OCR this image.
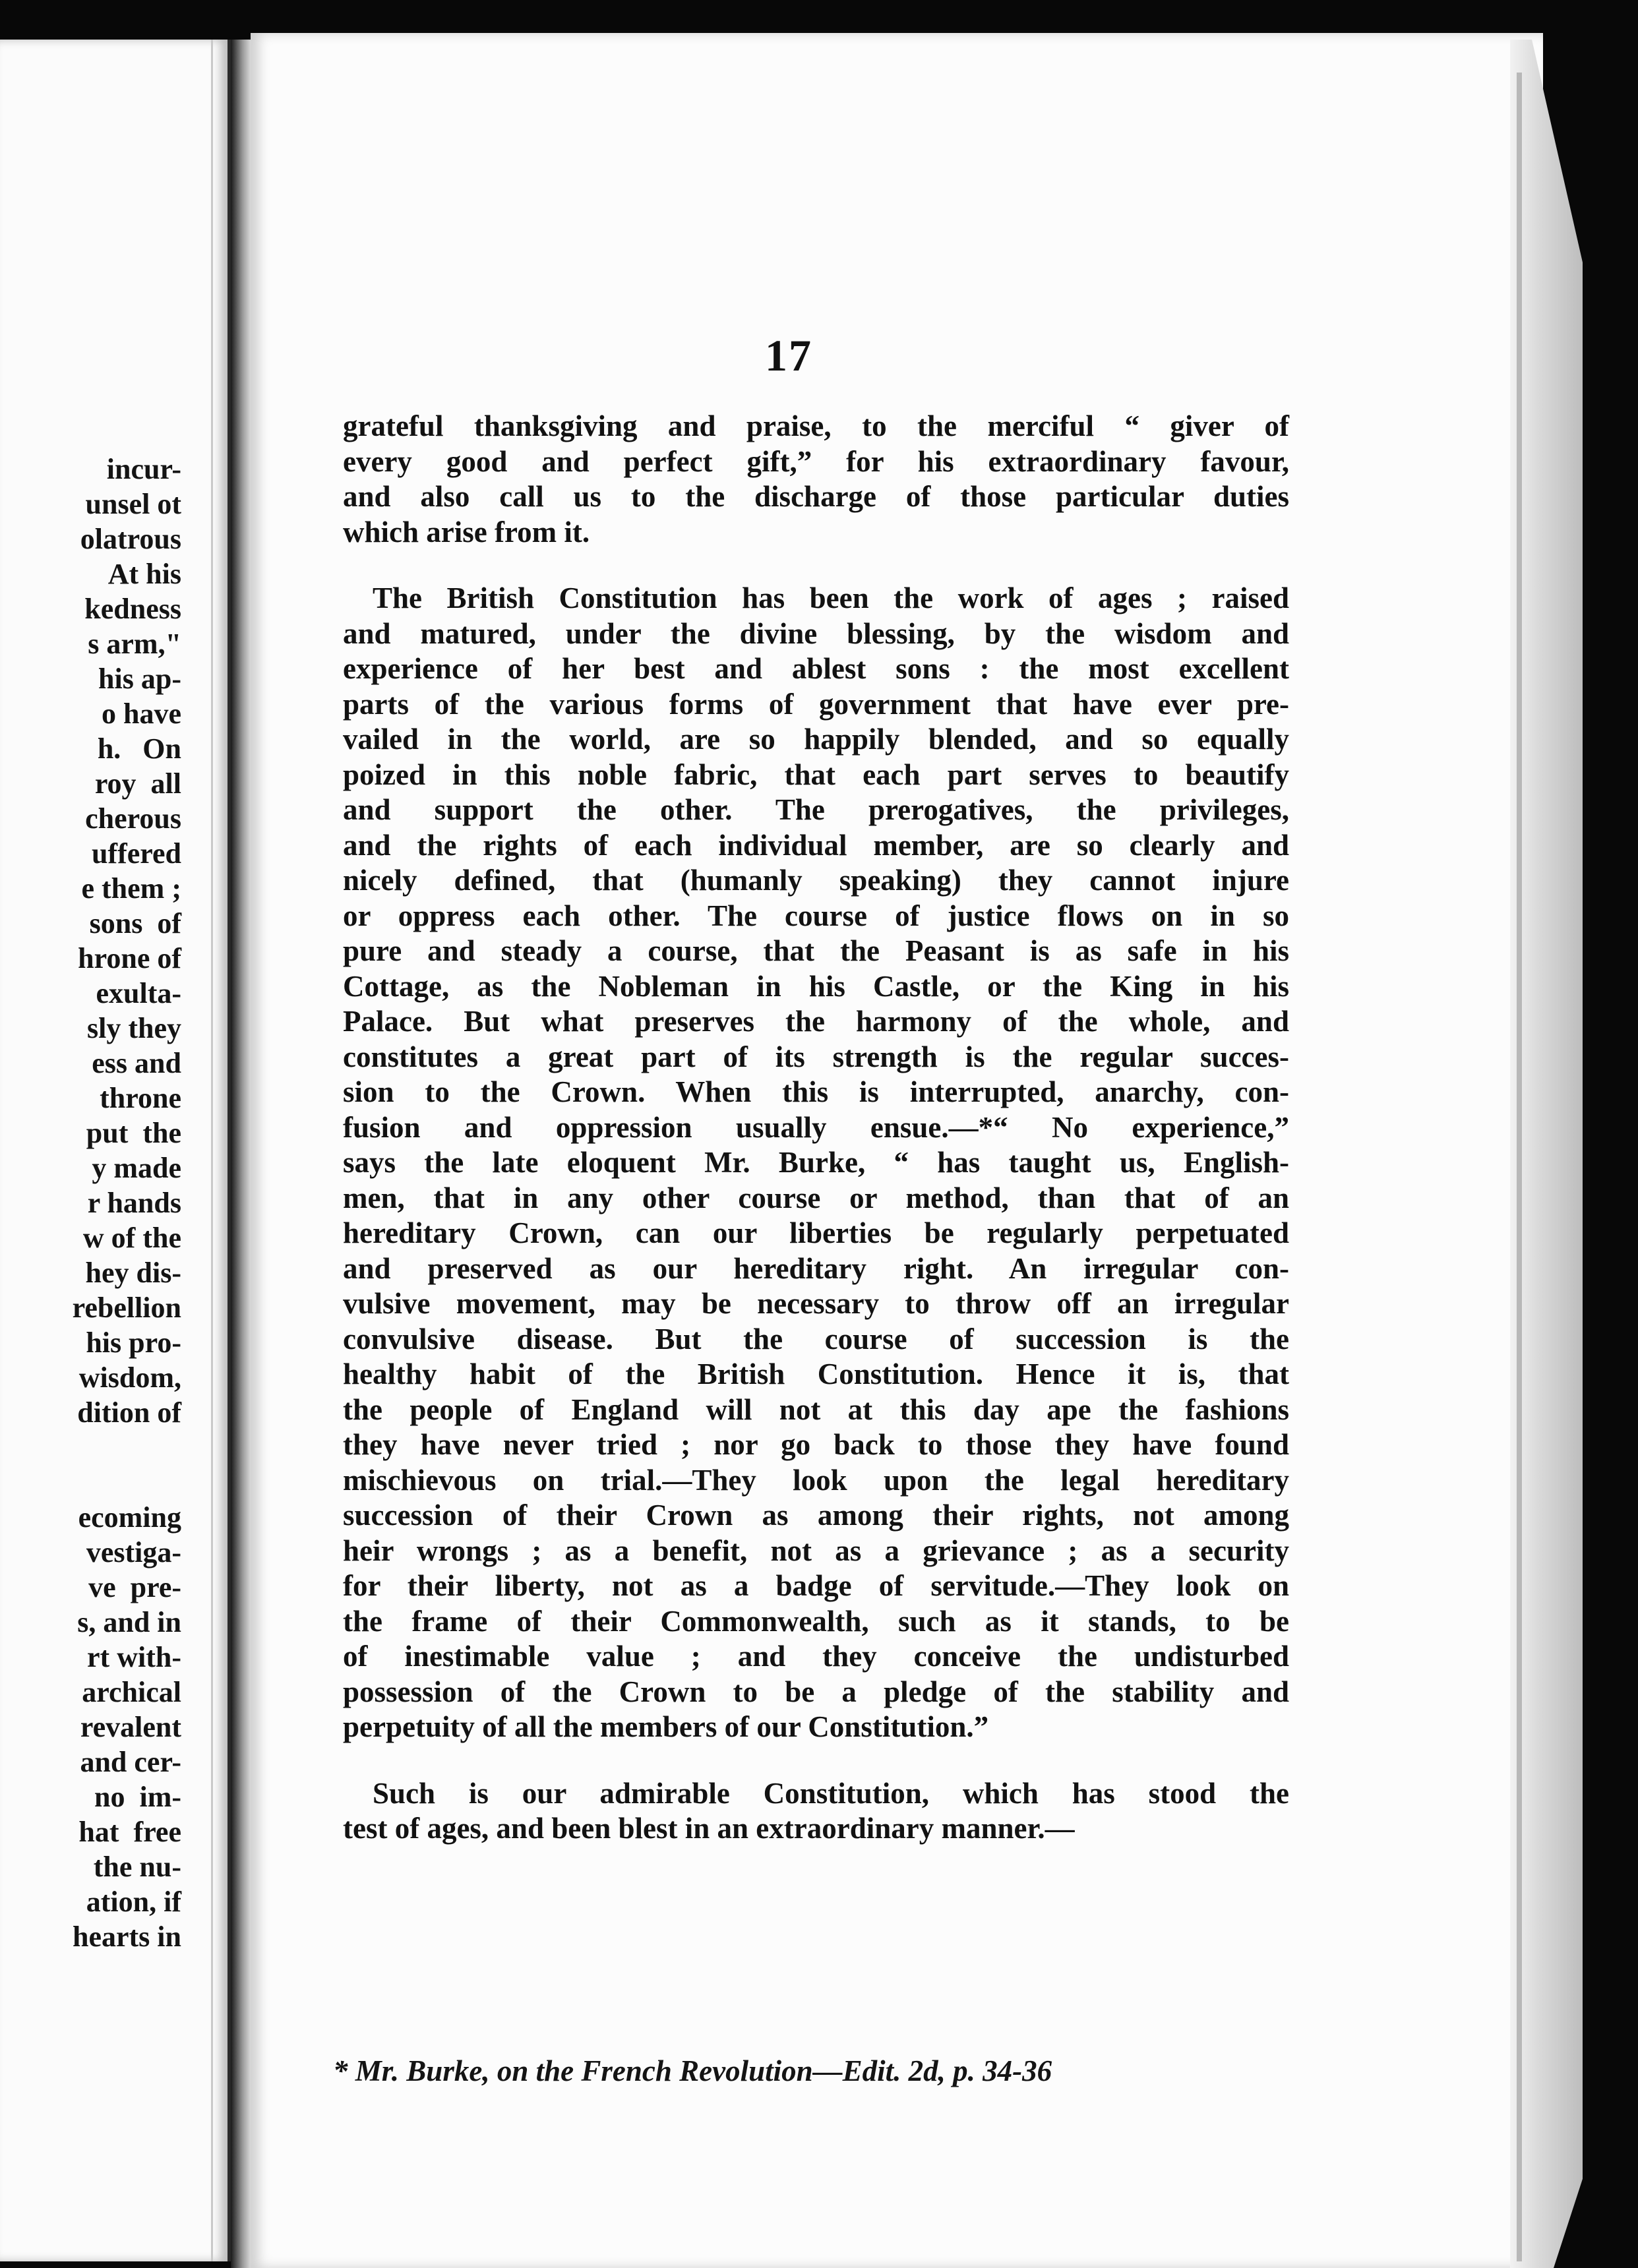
incur-
unsel ot
olatrous
At his
kedness
s arm,"
his ap-
o have
h.   On
roy  all
cherous
uffered
e them ;
sons  of
hrone of
exulta-
sly they
ess and
throne
put  the
y made
r hands
w of the
hey dis-
rebellion
his pro-
wisdom,
dition of
ecoming
vestiga-
ve  pre-
s, and in
rt with-
archical
revalent
and cer-
no  im-
hat  free
the nu-
ation, if
hearts in
17
grateful thanksgiving and praise, to the merciful “ giver of
every good and perfect gift,” for his extraordinary favour,
and also call us to the discharge of those particular duties
which arise from it.
The British Constitution has been the work of ages ; raised
and matured, under the divine blessing, by the wisdom and
experience of her best and ablest sons : the most excellent
parts of the various forms of government that have ever pre-
vailed in the world, are so happily blended, and so equally
poized in this noble fabric, that each part serves to beautify
and support the other. The prerogatives, the privileges,
and the rights of each individual member, are so clearly and
nicely defined, that (humanly speaking) they cannot injure
or oppress each other. The course of justice flows on in so
pure and steady a course, that the Peasant is as safe in his
Cottage, as the Nobleman in his Castle, or the King in his
Palace. But what preserves the harmony of the whole, and
constitutes a great part of its strength is the regular succes-
sion to the Crown. When this is interrupted, anarchy, con-
fusion and oppression usually ensue.—*“ No experience,”
says the late eloquent Mr. Burke, “ has taught us, English-
men, that in any other course or method, than that of an
hereditary Crown, can our liberties be regularly perpetuated
and preserved as our hereditary right. An irregular con-
vulsive movement, may be necessary to throw off an irregular
convulsive disease. But the course of succession is the
healthy habit of the British Constitution. Hence it is, that
the people of England will not at this day ape the fashions
they have never tried ; nor go back to those they have found
mischievous on trial.—They look upon the legal hereditary
succession of their Crown as among their rights, not among
heir wrongs ; as a benefit, not as a grievance ; as a security
for their liberty, not as a badge of servitude.—They look on
the frame of their Commonwealth, such as it stands, to be
of inestimable value ; and they conceive the undisturbed
possession of the Crown to be a pledge of the stability and
perpetuity of all the members of our Constitution.”
Such is our admirable Constitution, which has stood the
test of ages, and been blest in an extraordinary manner.—
* Mr. Burke, on the French Revolution—Edit. 2d, p. 34-36
